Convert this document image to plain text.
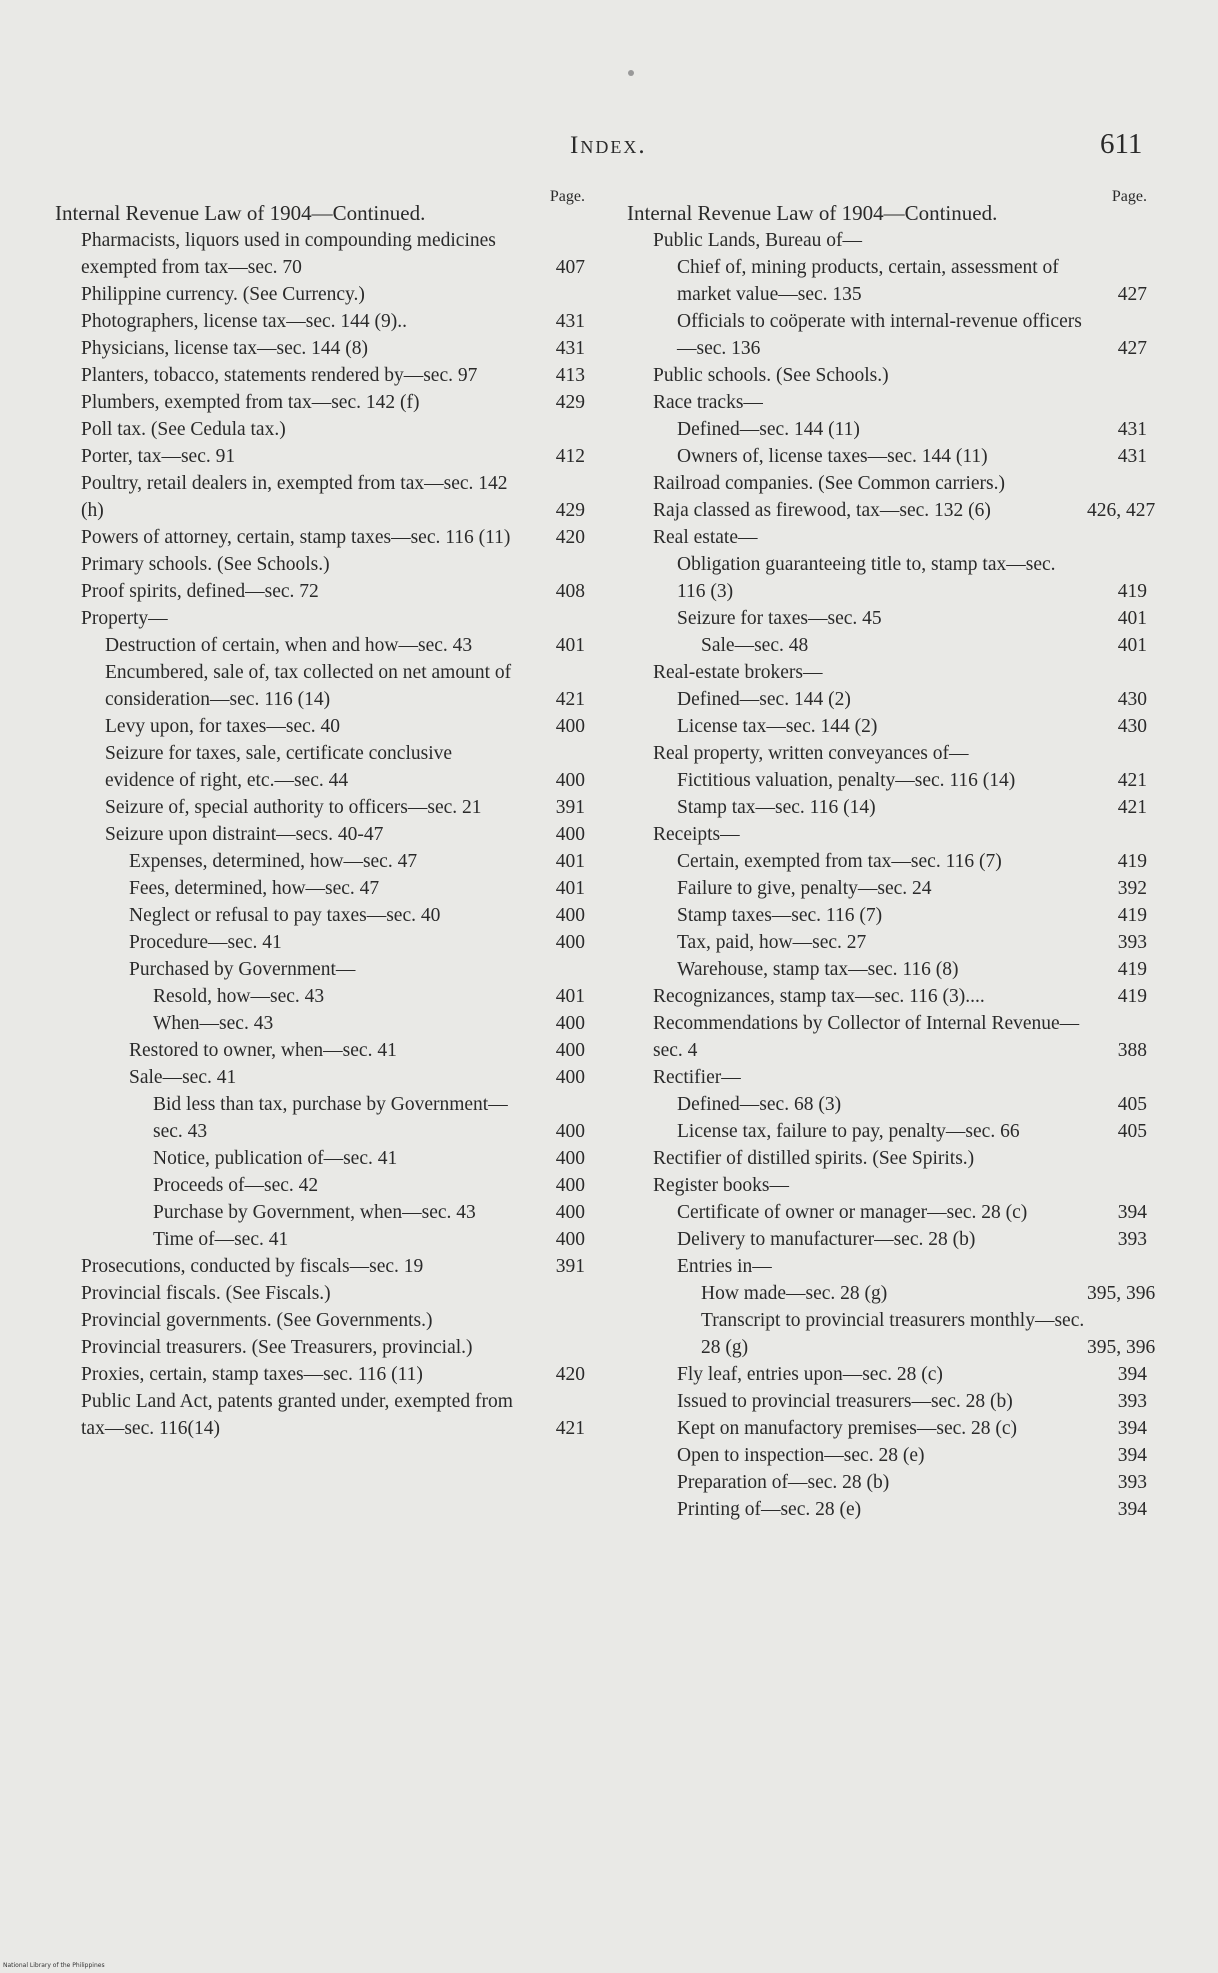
Index.	611
Page.
Internal Revenue Law of 1904—Continued.
Pharmacists, liquors used in compounding medicines exempted from tax—sec. 70	407
Philippine currency. (See Currency.)
Photographers, license tax—sec. 144 (9)..	431
Physicians, license tax—sec. 144 (8)	431
Planters, tobacco, statements rendered by—sec. 97	413
Plumbers, exempted from tax—sec. 142 (f)	429
Poll tax. (See Cedula tax.)
Porter, tax—sec. 91	412
Poultry, retail dealers in, exempted from tax—sec. 142 (h)	429
Powers of attorney, certain, stamp taxes—sec. 116 (11)	420
Primary schools. (See Schools.)
Proof spirits, defined—sec. 72	408
Property—
Destruction of certain, when and how—sec. 43	401
Encumbered, sale of, tax collected on net amount of consideration—sec. 116 (14)	421
Levy upon, for taxes—sec. 40	400
Seizure for taxes, sale, certificate conclusive evidence of right, etc.—sec. 44	400
Seizure of, special authority to officers—sec. 21	391
Seizure upon distraint—secs. 40-47	400
Expenses, determined, how—sec. 47	401
Fees, determined, how—sec. 47	401
Neglect or refusal to pay taxes—sec. 40	400
Procedure—sec. 41	400
Purchased by Government—
Resold, how—sec. 43	401
When—sec. 43	400
Restored to owner, when—sec. 41	400
Sale—sec. 41	400
Bid less than tax, purchase by Government—sec. 43	400
Notice, publication of—sec. 41	400
Proceeds of—sec. 42	400
Purchase by Government, when—sec. 43	400
Time of—sec. 41	400
Prosecutions, conducted by fiscals—sec. 19	391
Provincial fiscals. (See Fiscals.)
Provincial governments. (See Governments.)
Provincial treasurers. (See Treasurers, provincial.)
Proxies, certain, stamp taxes—sec. 116 (11)	420
Public Land Act, patents granted under, exempted from tax—sec. 116(14)	421
Page.
Internal Revenue Law of 1904—Continued.
Public Lands, Bureau of—
Chief of, mining products, certain, assessment of market value—sec. 135	427
Officials to coöperate with internal-revenue officers—sec. 136	427
Public schools. (See Schools.)
Race tracks—
Defined—sec. 144 (11)	431
Owners of, license taxes—sec. 144 (11)	431
Railroad companies. (See Common carriers.)
Raja classed as firewood, tax—sec. 132 (6)	426, 427
Real estate—
Obligation guaranteeing title to, stamp tax—sec. 116 (3)	419
Seizure for taxes—sec. 45	401
Sale—sec. 48	401
Real-estate brokers—
Defined—sec. 144 (2)	430
License tax—sec. 144 (2)	430
Real property, written conveyances of—
Fictitious valuation, penalty—sec. 116 (14)	421
Stamp tax—sec. 116 (14)	421
Receipts—
Certain, exempted from tax—sec. 116 (7)	419
Failure to give, penalty—sec. 24	392
Stamp taxes—sec. 116 (7)	419
Tax, paid, how—sec. 27	393
Warehouse, stamp tax—sec. 116 (8)	419
Recognizances, stamp tax—sec. 116 (3)....	419
Recommendations by Collector of Internal Revenue—sec. 4	388
Rectifier—
Defined—sec. 68 (3)	405
License tax, failure to pay, penalty—sec. 66	405
Rectifier of distilled spirits. (See Spirits.)
Register books—
Certificate of owner or manager—sec. 28 (c)	394
Delivery to manufacturer—sec. 28 (b)	393
Entries in—
How made—sec. 28 (g)	395, 396
Transcript to provincial treasurers monthly—sec. 28 (g)	395, 396
Fly leaf, entries upon—sec. 28 (c)	394
Issued to provincial treasurers—sec. 28 (b)	393
Kept on manufactory premises—sec. 28 (c)	394
Open to inspection—sec. 28 (e)	394
Preparation of—sec. 28 (b)	393
Printing of—sec. 28 (e)	394
National Library of the Philippines
